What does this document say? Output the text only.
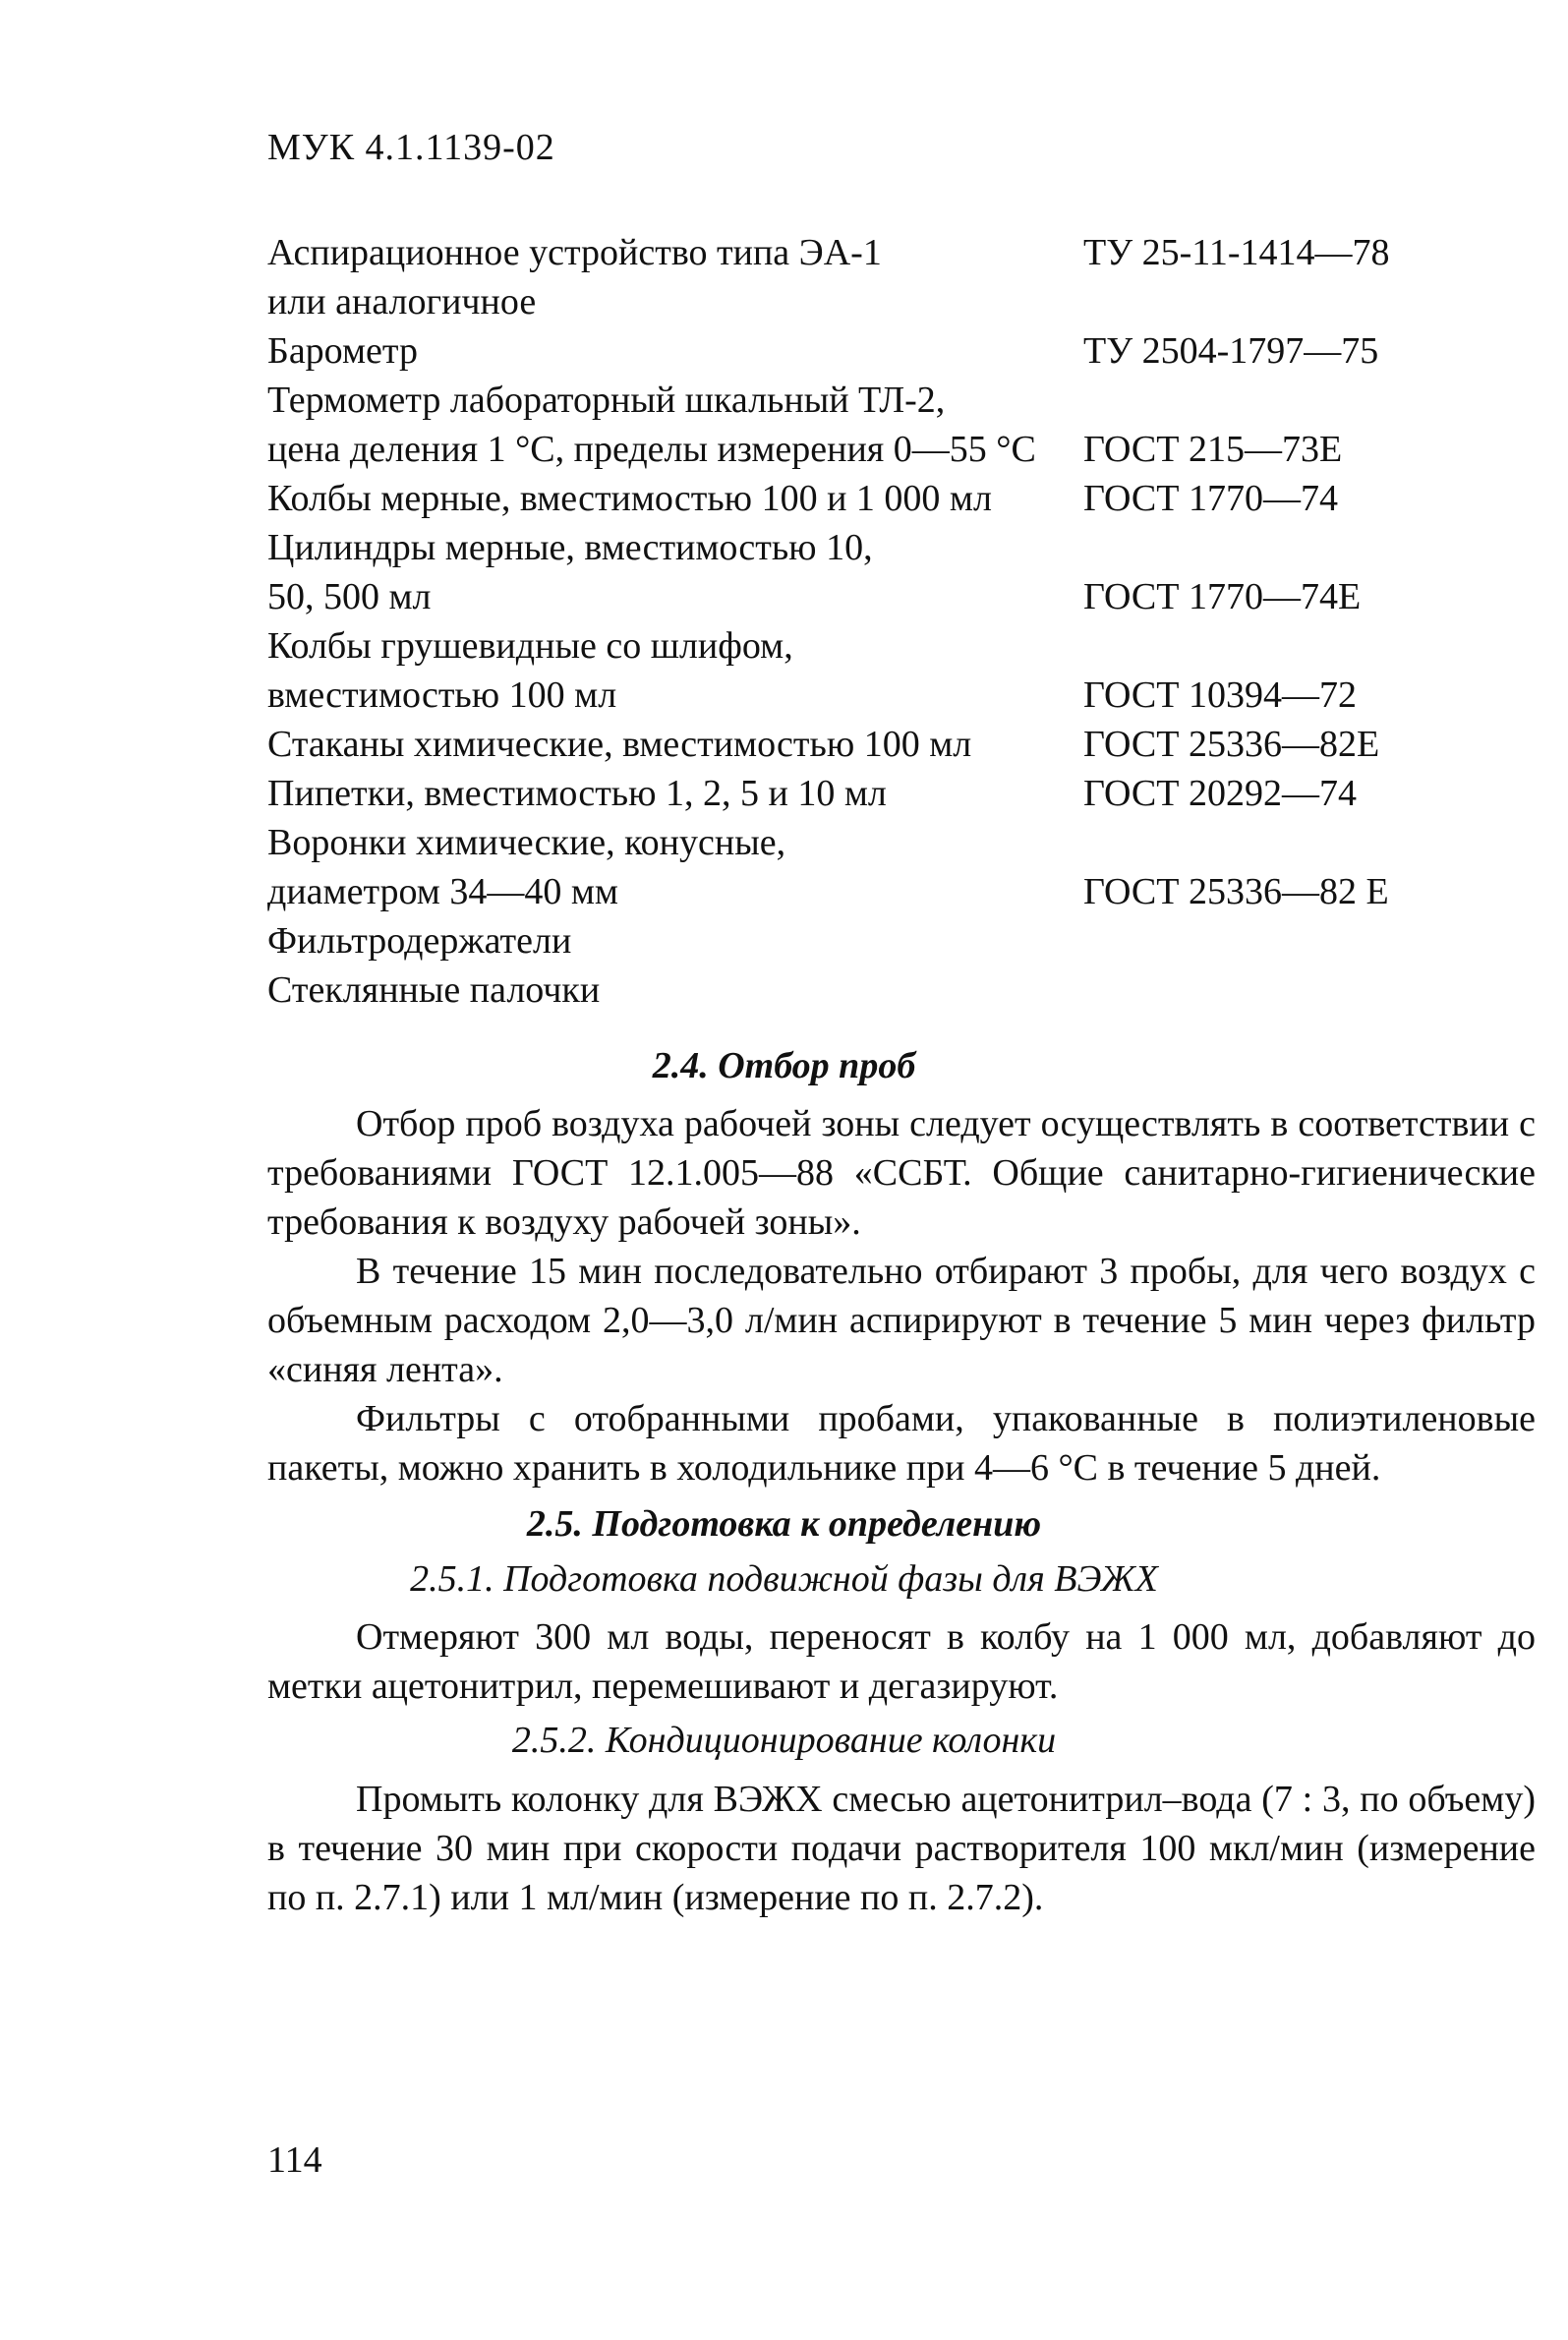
МУК 4.1.1139-02
Аспирационное устройство типа ЭА-1	ТУ 25-11-1414—78
или аналогичное
Барометр	ТУ 2504-1797—75
Термометр лабораторный шкальный ТЛ-2,
цена деления 1 °С, пределы измерения 0—55 °С ГОСТ 215—73Е
Колбы мерные, вместимостью 100 и 1 000 мл ГОСТ 1770—74
Цилиндры мерные, вместимостью 10,
50, 500 мл	ГОСТ 1770—74Е
Колбы грушевидные со шлифом,
вместимостью 100 мл	ГОСТ 10394—72
Стаканы химические, вместимостью 100 мл	ГОСТ 25336—82Е
Пипетки, вместимостью 1, 2, 5 и 10 мл	ГОСТ 20292—74
Воронки химические, конусные,
диаметром 34—40 мм	ГОСТ 25336—82 Е
Фильтродержатели
Стеклянные палочки
2.4. Отбор проб
Отбор проб воздуха рабочей зоны следует осуществлять в соответствии с требованиями ГОСТ 12.1.005—88 «ССБТ. Общие санитарно-гигиенические требования к воздуху рабочей зоны».
В течение 15 мин последовательно отбирают 3 пробы, для чего воздух с объемным расходом 2,0—3,0 л/мин аспирируют в течение 5 мин через фильтр «синяя лента».
Фильтры с отобранными пробами, упакованные в полиэтиленовые пакеты, можно хранить в холодильнике при 4—6 °С в течение 5 дней.
2.5. Подготовка к определению
2.5.1. Подготовка подвижной фазы для ВЭЖХ
Отмеряют 300 мл воды, переносят в колбу на 1 000 мл, добавляют до метки ацетонитрил, перемешивают и дегазируют.
2.5.2. Кондиционирование колонки
Промыть колонку для ВЭЖХ смесью ацетонитрил–вода (7 : 3, по объему) в течение 30 мин при скорости подачи растворителя 100 мкл/мин (измерение по п. 2.7.1) или 1 мл/мин (измерение по п. 2.7.2).
114
